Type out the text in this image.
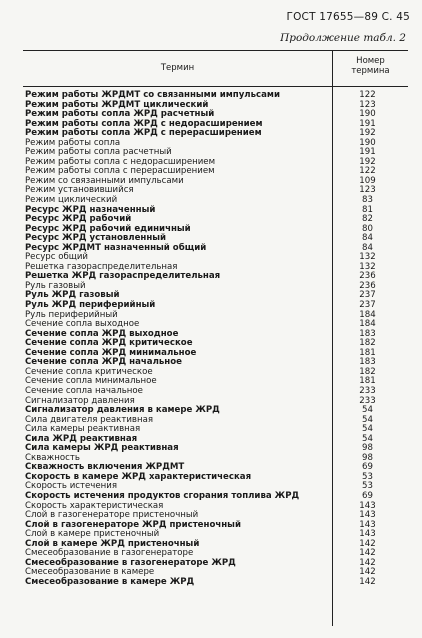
ГОСТ 17655—89 С. 45
Продолжение табл. 2
Термин
Номер
термина
Режим работы ЖРДМТ со связанными импульсами	122
Режим работы ЖРДМТ циклический	123
Режим работы сопла ЖРД расчетный	190
Режим работы сопла ЖРД с недорасширением	191
Режим работы сопла ЖРД с перерасширением	192
Режим работы сопла	190
Режим работы сопла расчетный	191
Режим работы сопла с недорасширением	192
Режим работы сопла с перерасширением	122
Режим со связанными импульсами	109
Режим установившийся	123
Режим циклический	83
Ресурс ЖРД назначенный	81
Ресурс ЖРД рабочий	82
Ресурс ЖРД рабочий единичный	80
Ресурс ЖРД установленный	84
Ресурс ЖРДМТ назначенный общий	84
Ресурс общий	132
Решетка газораспределительная	132
Решетка ЖРД газораспределительная	236
Руль газовый	236
Руль ЖРД газовый	237
Руль ЖРД периферийный	237
Руль периферийный	184
Сечение сопла выходное	184
Сечение сопла ЖРД выходное	183
Сечение сопла ЖРД критическое	182
Сечение сопла ЖРД минимальное	181
Сечение сопла ЖРД начальное	183
Сечение сопла критическое	182
Сечение сопла минимальное	181
Сечение сопла начальное	233
Сигнализатор давления	233
Сигнализатор давления в камере ЖРД	54
Сила двигателя реактивная	54
Сила камеры реактивная	54
Сила ЖРД реактивная	54
Сила камеры ЖРД реактивная	98
Скважность	98
Скважность включения ЖРДМТ	69
Скорость в камере ЖРД характеристическая	53
Скорость истечения	53
Скорость истечения продуктов сгорания топлива ЖРД	69
Скорость характеристическая	143
Слой в газогенераторе пристеночный	143
Слой в газогенераторе ЖРД пристеночный	143
Слой в камере пристеночный	143
Слой в камере ЖРД пристеночный	142
Смесеобразование в газогенераторе	142
Смесеобразование в газогенераторе ЖРД	142
Смесеобразование в камере	142
Смесеобразование в камере ЖРД	142
